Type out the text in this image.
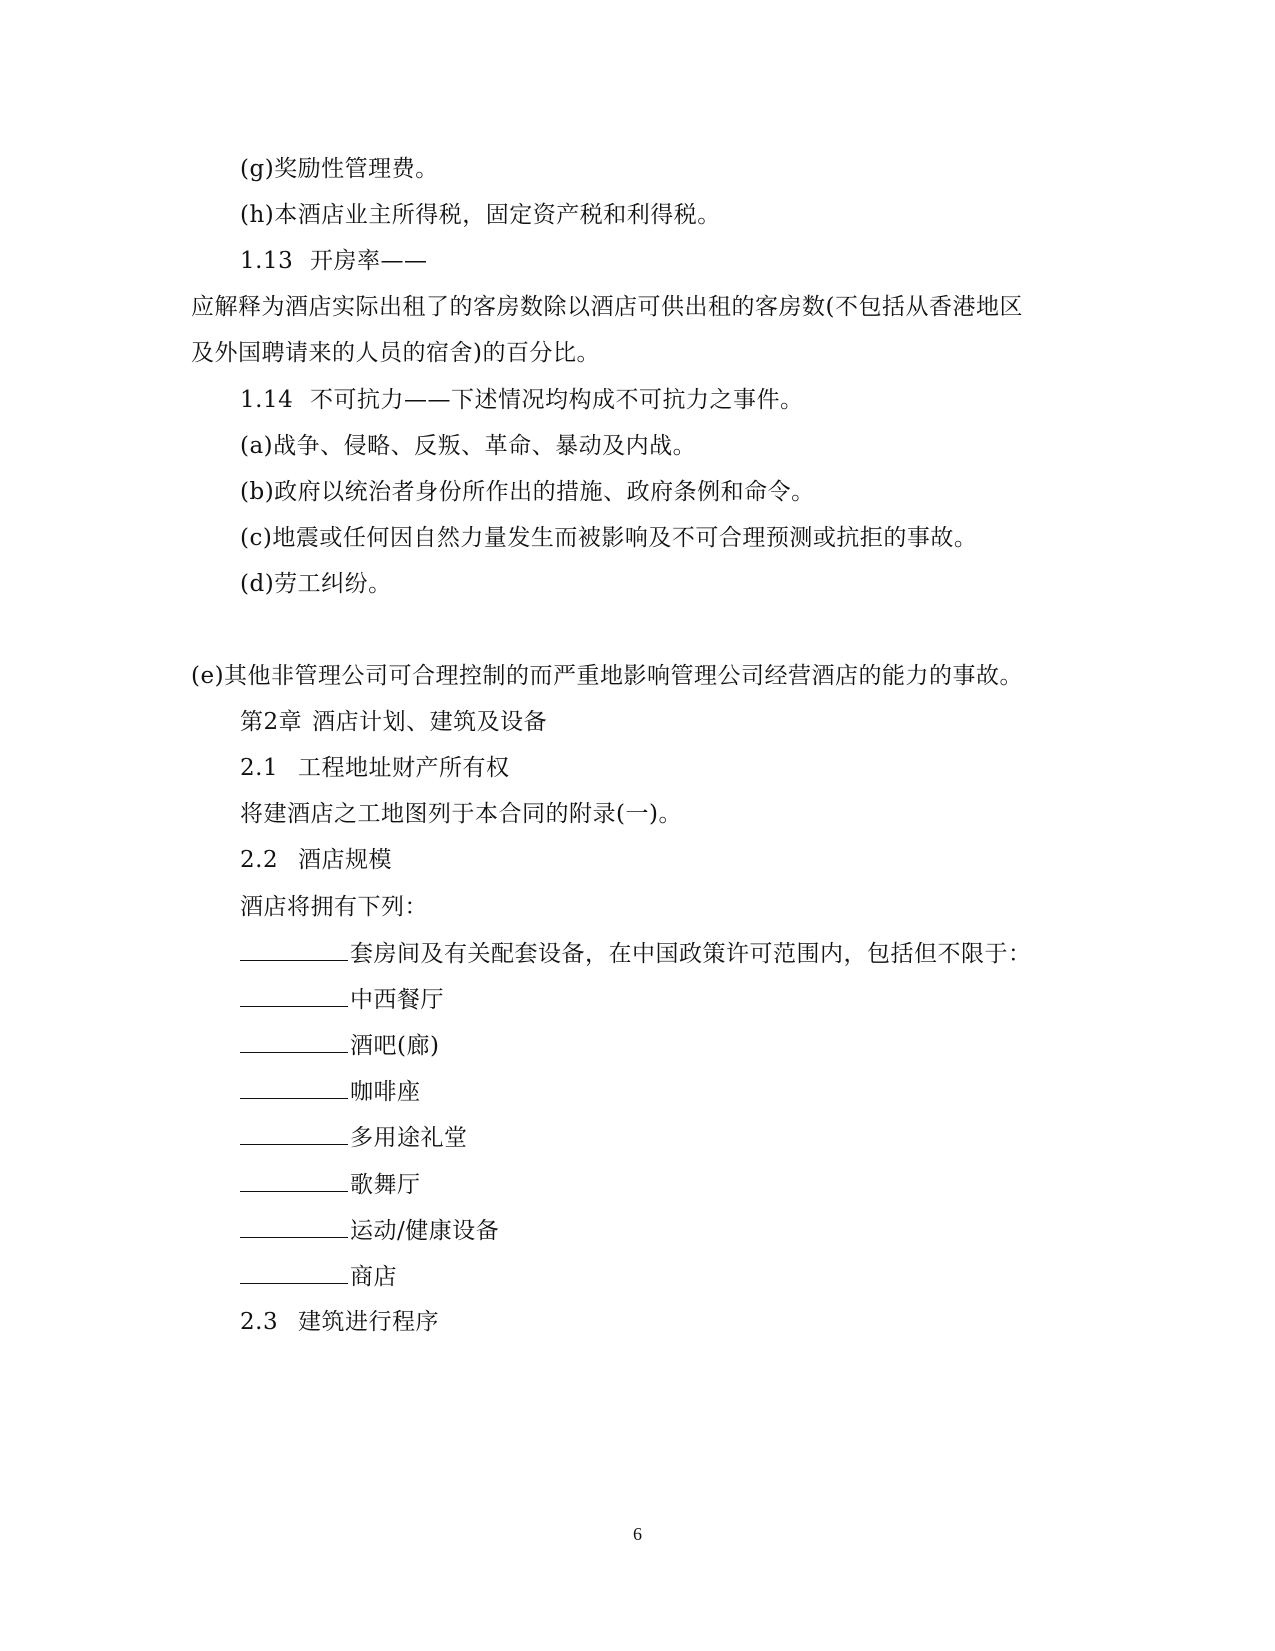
(g)奖励性管理费。
(h)本酒店业主所得税，固定资产税和利得税。
1.13 开房率——
应解释为酒店实际出租了的客房数除以酒店可供出租的客房数(不包括从香港地区
及外国聘请来的人员的宿舍)的百分比。
1.14 不可抗力——下述情况均构成不可抗力之事件。
(a)战争、侵略、反叛、革命、暴动及内战。
(b)政府以统治者身份所作出的措施、政府条例和命令。
(c)地震或任何因自然力量发生而被影响及不可合理预测或抗拒的事故。
(d)劳工纠纷。
(e)其他非管理公司可合理控制的而严重地影响管理公司经营酒店的能力的事故。
第2章 酒店计划、建筑及设备
2.1 工程地址财产所有权
将建酒店之工地图列于本合同的附录(一)。
2.2 酒店规模
酒店将拥有下列：
套房间及有关配套设备，在中国政策许可范围内，包括但不限于：
中西餐厅
酒吧(廊)
咖啡座
多用途礼堂
歌舞厅
运动/健康设备
商店
2.3 建筑进行程序
6
